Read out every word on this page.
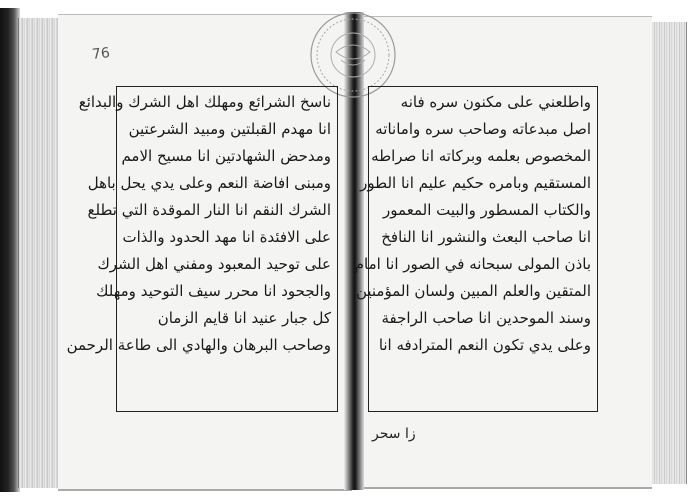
76
ناسخ الشرائع ومهلك اهل الشرك والبدائع
انا مهدم القبلتين ومبيد الشرعتين
ومدحض الشهادتين انا مسيح الامم
ومبنى افاضة النعم وعلى يدي يحل باهل
الشرك النقم انا النار الموقدة التي تطلع
على الافئدة انا مهد الحدود والذات
على توحيد المعبود ومفني اهل الشرك
والجحود انا محرر سيف التوحيد ومهلك
كل جبار عنيد انا قايم الزمان
وصاحب البرهان والهادي الى طاعة الرحمن
واطلعني على مكنون سره فانه
اصل مبدعاته وصاحب سره واماناته
المخصوص بعلمه وبركاته انا صراطه
المستقيم وبامره حكيم عليم انا الطور
والكتاب المسطور والبيت المعمور
انا صاحب البعث والنشور انا النافخ
باذن المولى سبحانه في الصور انا امام
المتقين والعلم المبين ولسان المؤمنين
وسند الموحدين انا صاحب الراجفة
وعلى يدي تكون النعم المترادفه انا
زا سحر
